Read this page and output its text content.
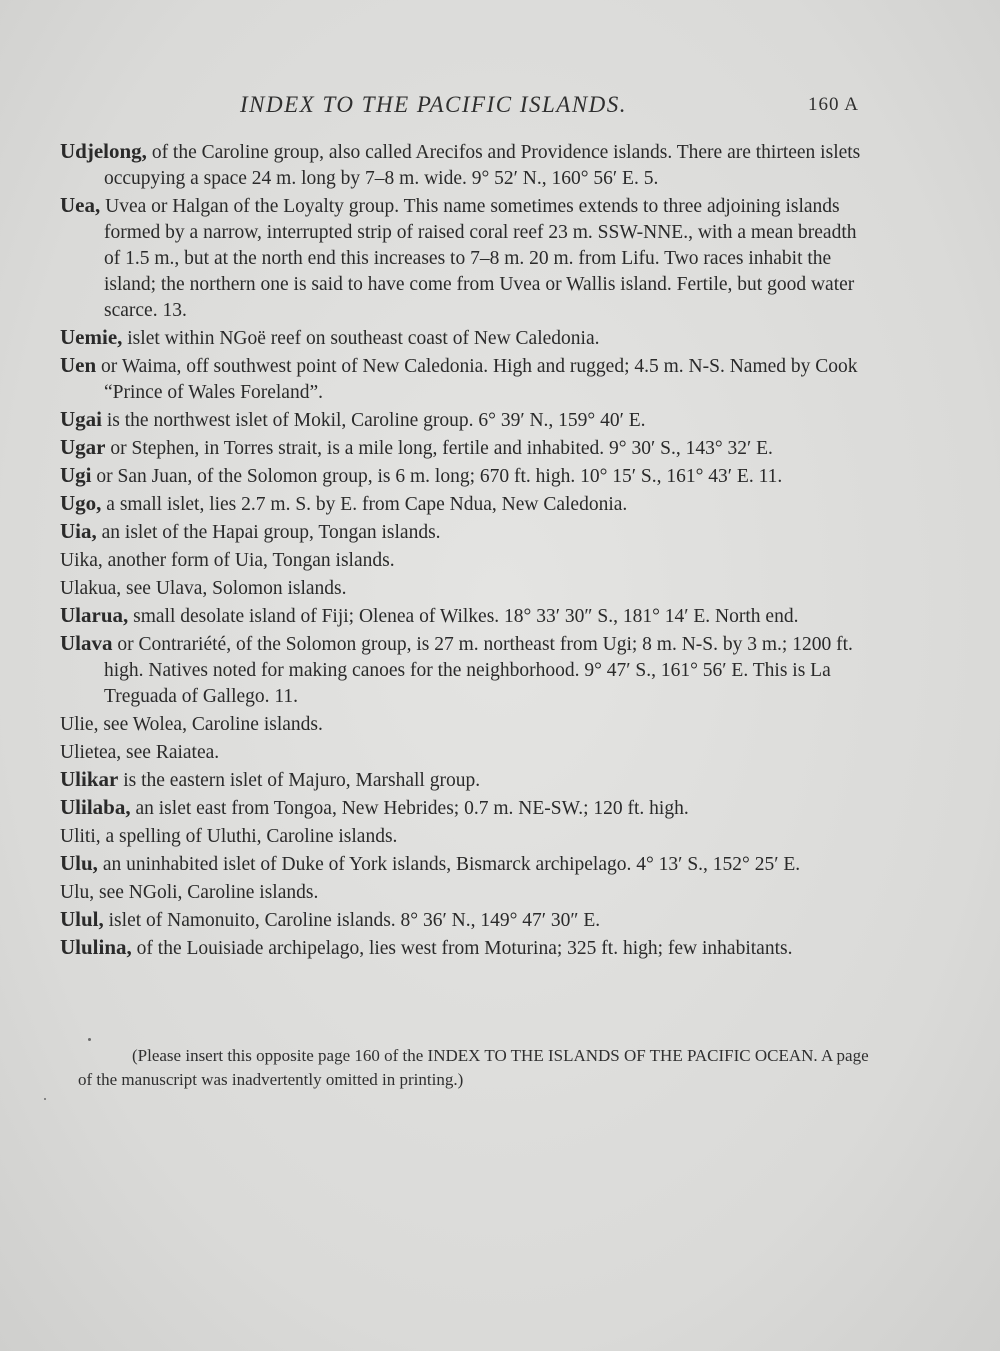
INDEX TO THE PACIFIC ISLANDS.	160 A

Udjelong, of the Caroline group, also called Arecifos and Providence islands. There are thirteen islets occupying a space 24 m. long by 7–8 m. wide. 9° 52′ N., 160° 56′ E. 5.

Uea, Uvea or Halgan of the Loyalty group. This name sometimes extends to three adjoining islands formed by a narrow, interrupted strip of raised coral reef 23 m. SSW-NNE., with a mean breadth of 1.5 m., but at the north end this increases to 7–8 m. 20 m. from Lifu. Two races inhabit the island; the northern one is said to have come from Uvea or Wallis island. Fertile, but good water scarce. 13.

Uemie, islet within NGoë reef on southeast coast of New Caledonia.

Uen or Waima, off southwest point of New Caledonia. High and rugged; 4.5 m. N-S. Named by Cook “Prince of Wales Foreland”.

Ugai is the northwest islet of Mokil, Caroline group. 6° 39′ N., 159° 40′ E.

Ugar or Stephen, in Torres strait, is a mile long, fertile and inhabited. 9° 30′ S., 143° 32′ E.

Ugi or San Juan, of the Solomon group, is 6 m. long; 670 ft. high. 10° 15′ S., 161° 43′ E. 11.

Ugo, a small islet, lies 2.7 m. S. by E. from Cape Ndua, New Caledonia.

Uia, an islet of the Hapai group, Tongan islands.

Uika, another form of Uia, Tongan islands.

Ulakua, see Ulava, Solomon islands.

Ularua, small desolate island of Fiji; Olenea of Wilkes. 18° 33′ 30″ S., 181° 14′ E. North end.

Ulava or Contrariété, of the Solomon group, is 27 m. northeast from Ugi; 8 m. N-S. by 3 m.; 1200 ft. high. Natives noted for making canoes for the neighborhood. 9° 47′ S., 161° 56′ E. This is La Treguada of Gallego. 11.

Ulie, see Wolea, Caroline islands.

Ulietea, see Raiatea.

Ulikar is the eastern islet of Majuro, Marshall group.

Ulilaba, an islet east from Tongoa, New Hebrides; 0.7 m. NE-SW.; 120 ft. high.

Uliti, a spelling of Uluthi, Caroline islands.

Ulu, an uninhabited islet of Duke of York islands, Bismarck archipelago. 4° 13′ S., 152° 25′ E.

Ulu, see NGoli, Caroline islands.

Ulul, islet of Namonuito, Caroline islands. 8° 36′ N., 149° 47′ 30″ E.

Ululina, of the Louisiade archipelago, lies west from Moturina; 325 ft. high; few inhabitants.

(Please insert this opposite page 160 of the INDEX TO THE ISLANDS OF THE PACIFIC OCEAN. A page of the manuscript was inadvertently omitted in printing.)
